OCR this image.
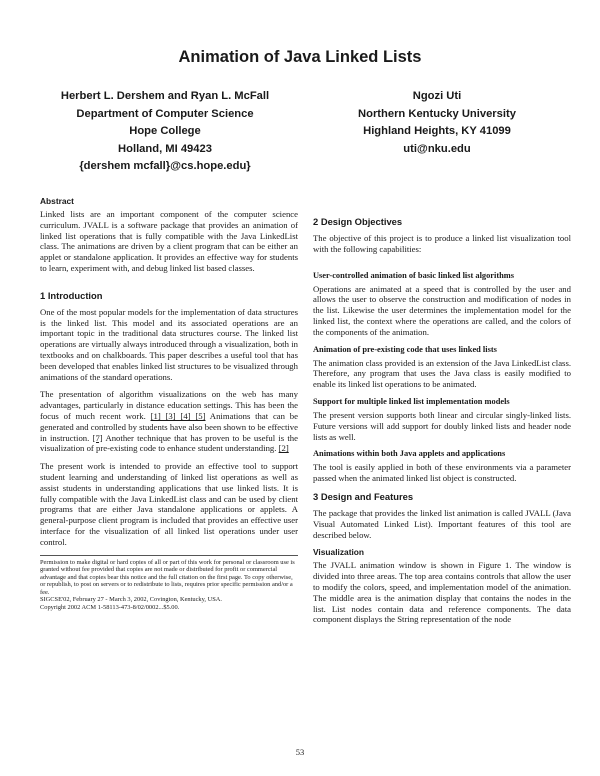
Animation of Java Linked Lists
Herbert L. Dershem and Ryan L. McFall
Department of Computer Science
Hope College
Holland, MI 49423
{dershem mcfall}@cs.hope.edu}
Ngozi Uti
Northern Kentucky University
Highland Heights, KY 41099
uti@nku.edu
Abstract

Linked lists are an important component of the computer science curriculum. JVALL is a software package that provides an animation of linked list operations that is fully compatible with the Java LinkedList class. The animations are driven by a client program that can be either an applet or standalone application. It provides an effective way for students to learn, experiment with, and debug linked list based classes.

1 Introduction

One of the most popular models for the implementation of data structures is the linked list. This model and its associated operations are an important topic in the traditional data structures course. The linked list operations are virtually always introduced through a visualization, both in textbooks and on chalkboards. This paper describes a useful tool that has been developed that enables linked list structures to be visualized through animations of the standard operations.

The presentation of algorithm visualizations on the web has many advantages, particularly in distance education settings. This has been the focus of much recent work. [1] [3] [4] [5] Animations that can be generated and controlled by students have also been shown to be effective in instruction. [7] Another technique that has proven to be useful is the visualization of pre-existing code to enhance student understanding. [2]

The present work is intended to provide an effective tool to support student learning and understanding of linked list operations as well as assist students in understanding applications that use linked lists. It is fully compatible with the Java LinkedList class and can be used by client programs that are either Java standalone applications or applets. A general-purpose client program is included that provides an effective user interface for the visualization of all linked list operations under user control.

Permission to make digital or hard copies of all or part of this work for personal or classroom use is granted without fee provided that copies are not made or distributed for profit or commercial advantage and that copies bear this notice and the full citation on the first page. To copy otherwise, or republish, to post on servers or to redistribute to lists, requires prior specific permission and/or a fee.
SIGCSE'02, February 27 - March 3, 2002, Covington, Kentucky, USA.
Copyright 2002 ACM 1-58113-473-8/02/0002...$5.00.
2 Design Objectives

The objective of this project is to produce a linked list visualization tool with the following capabilities:

User-controlled animation of basic linked list algorithms

Operations are animated at a speed that is controlled by the user and allows the user to observe the construction and modification of nodes in the list. Likewise the user determines the implementation model for the linked list, the context where the operations are called, and the colors of the components of the animation.

Animation of pre-existing code that uses linked lists

The animation class provided is an extension of the Java LinkedList class. Therefore, any program that uses the Java class is easily modified to enable its linked list operations to be animated.

Support for multiple linked list implementation models

The present version supports both linear and circular singly-linked lists. Future versions will add support for doubly linked lists and header node lists as well.

Animations within both Java applets and applications

The tool is easily applied in both of these environments via a parameter passed when the animated linked list object is constructed.

3 Design and Features

The package that provides the linked list animation is called JVALL (Java Visual Automated Linked List). Important features of this tool are described below.

Visualization

The JVALL animation window is shown in Figure 1. The window is divided into three areas. The top area contains controls that allow the user to modify the colors, speed, and implementation model of the animation. The middle area is the animation display that contains the nodes in the list. List nodes contain data and reference components. The data component displays the String representation of the node

53
